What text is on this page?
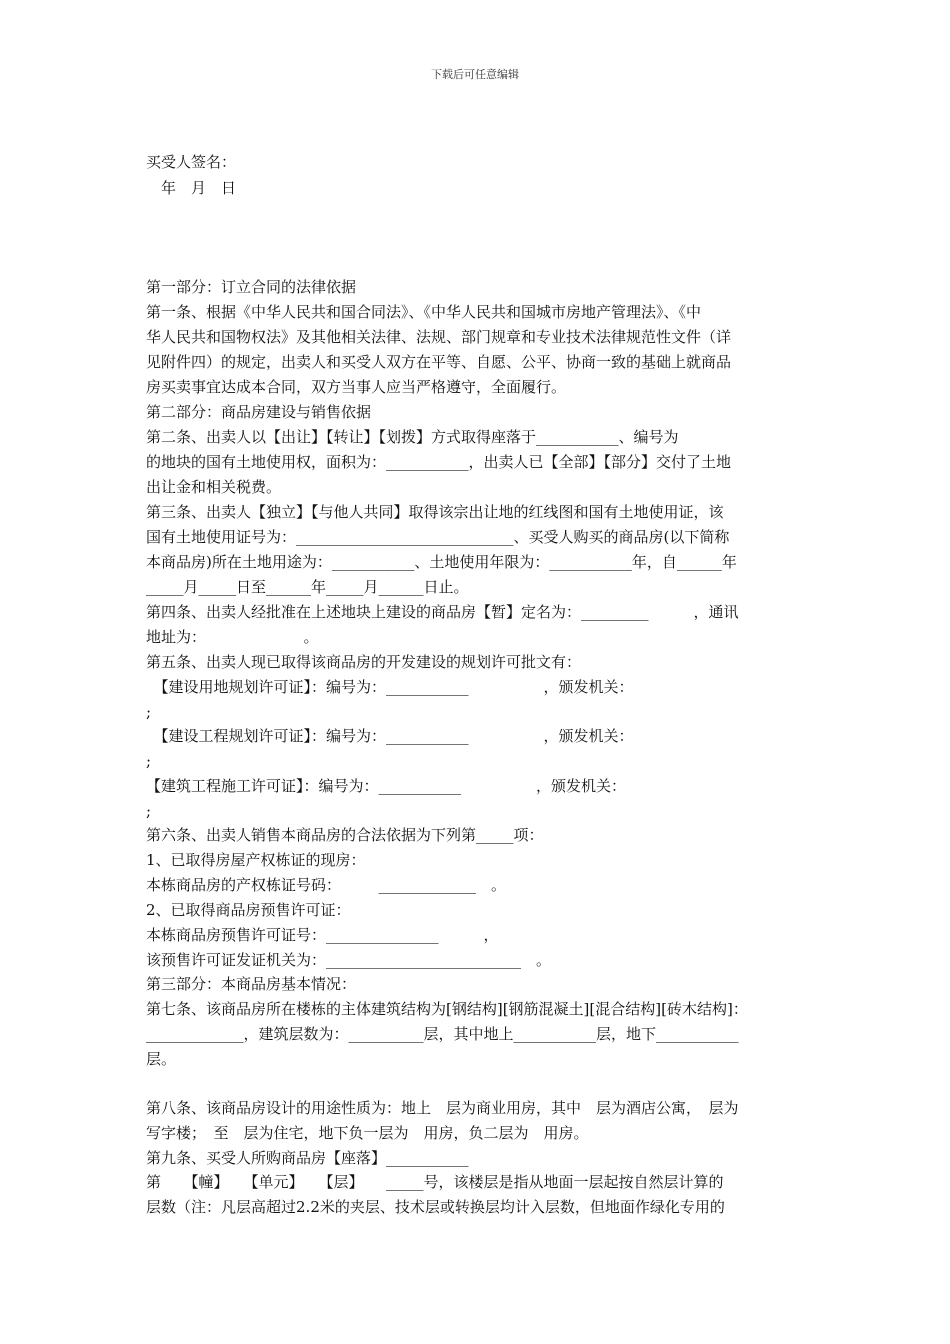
下载后可任意编辑
买受人签名：
年　月　日
第一部分：订立合同的法律依据
第一条、根据《中华人民共和国合同法》、《中华人民共和国城市房地产管理法》、《中
华人民共和国物权法》及其他相关法律、法规、部门规章和专业技术法律规范性文件（详
见附件四）的规定，出卖人和买受人双方在平等、自愿、公平、协商一致的基础上就商品
房买卖事宜达成本合同，双方当事人应当严格遵守，全面履行。
第二部分：商品房建设与销售依据
第二条、出卖人以【出让】【转让】【划拨】方式取得座落于___________、编号为
的地块的国有土地使用权，面积为：___________，出卖人已【全部】【部分】交付了土地
出让金和相关税费。
第三条、出卖人【独立】【与他人共同】取得该宗出让地的红线图和国有土地使用证，该
国有土地使用证号为：_____________________________、买受人购买的商品房(以下简称
本商品房)所在土地用途为：___________、土地使用年限为：___________年，自______年
_____月_____日至______年_____月______日止。
第四条、出卖人经批准在上述地块上建设的商品房【暂】定名为：_________　　　，通讯
地址为：　　　　　　　。
第五条、出卖人现已取得该商品房的开发建设的规划许可批文有：
　【建设用地规划许可证】：编号为：___________　　　　　，颁发机关：
;
　【建设工程规划许可证】：编号为：___________　　　　　，颁发机关：
;
【建筑工程施工许可证】：编号为：___________　　　　　，颁发机关：
;
第六条、出卖人销售本商品房的合法依据为下列第_____项：
1、已取得房屋产权栋证的现房：
本栋商品房的产权栋证号码：　　　_____________　。
2、已取得商品房预售许可证：
本栋商品房预售许可证号：_______________　　　，
该预售许可证发证机关为：__________________________　。
第三部分：本商品房基本情况：
第七条、该商品房所在楼栋的主体建筑结构为[钢结构][钢筋混凝土][混合结构][砖木结构]：
_____________，建筑层数为：__________层，其中地上___________层，地下___________
层。
第八条、该商品房设计的用途性质为：地上　层为商业用房，其中　层为酒店公寓，　层为
写字楼；　至　层为住宅，地下负一层为　用房，负二层为　用房。
第九条、买受人所购商品房【座落】___________
第　　【幢】　　【单元】　　【层】　　_____号，该楼层是指从地面一层起按自然层计算的
层数（注：凡层高超过2.2米的夹层、技术层或转换层均计入层数，但地面作绿化专用的
